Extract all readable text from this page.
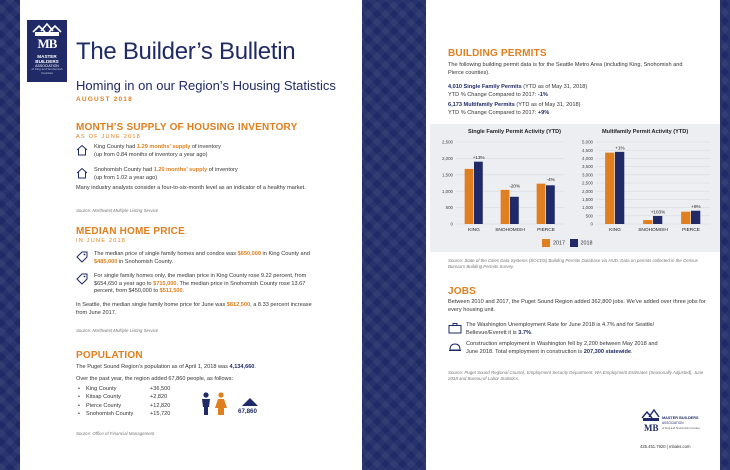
MB
MASTER BUILDERS
ASSOCIATION
of King and Snohomish Counties
The Builder’s Bulletin
Homing in on our Region’s Housing Statistics
AUGUST 2018
MONTH’S SUPPLY OF HOUSING INVENTORY
AS OF JUNE 2018
King County had 1.29 months’ supply of inventory
(up from 0.84 months of inventory a year ago)
Snohomish County had 1.20 months’ supply of inventory
(up from 1.02 a year ago)
Many industry analysts consider a four-to-six-month level as an indicator of a healthy market.
Source: Northwest Multiple Listing Service
MEDIAN HOME PRICE
IN JUNE 2018
The median price of single family homes and condos was $650,000 in King County and
$485,000 in Snohomish County.
For single family homes only, the median price in King County rose 9.22 percent, from
$654,650 a year ago to $715,000. The median price in Snohomish County rose 13.67
percent, from $450,000 to $511,500.
In Seattle, the median single family home price for June was $812,500, a 8.33 percent increase
from June 2017.
Source: Northwest Multiple Listing Service
POPULATION
The Puget Sound Region’s population as of April 1, 2018 was 4,134,660.
Over the past year, the region added 67,860 people, as follows:
•	King County	+36,500
•	Kitsap County	+2,820
•	Pierce County	+12,820
•	Snohomish County	+15,720	67,860
Source: Office of Financial Management
BUILDING PERMITS
The following building permit data is for the Seattle Metro Area (including King, Snohomish and Pierce counties).
4,010 Single Family Permits (YTD as of May 31, 2018)
YTD % Change Compared to 2017: -1%
6,173 Multifamily Permits (YTD as of May 31, 2018)
YTD % Change Compared to 2017: +9%
Single Family Permit Activity (YTD)	Multifamily Permit Activity (YTD)
0
500
1,000
1,500
2,000
2,500
+13%
KING
-20%
SNOHOMISH
-4%
PIERCE
0
500
1,000
1,500
2,000
2,500
3,000
3,500
4,000
4,500
5,000
+1%
KING
+103%
SNOHOMISH
+8%
PIERCE
2017	2018
Source: State of the Cities Data Systems (SOCDS) Building Permits Database via HUD. Data on permits collected in the Census Bureau’s Building Permits Survey.
JOBS
Between 2010 and 2017, the Puget Sound Region added 362,800 jobs. We’ve added over three jobs for every housing unit.
The Washington Unemployment Rate for June 2018 is 4.7% and for Seattle/
Bellevue/Everett it is 3.7%.
Construction employment in Washington fell by 2,200 between May 2018 and
June 2018. Total employment in construction is 207,300 statewide.
Source: Puget Sound Regional Council, Employment Security Department: WA Employment Estimates (Seasonally Adjusted), June 2018 and Bureau of Labor Statistics.
MB
MASTER BUILDERS
ASSOCIATION
of King and Snohomish Counties
425.451.7920 | mbaks.com
